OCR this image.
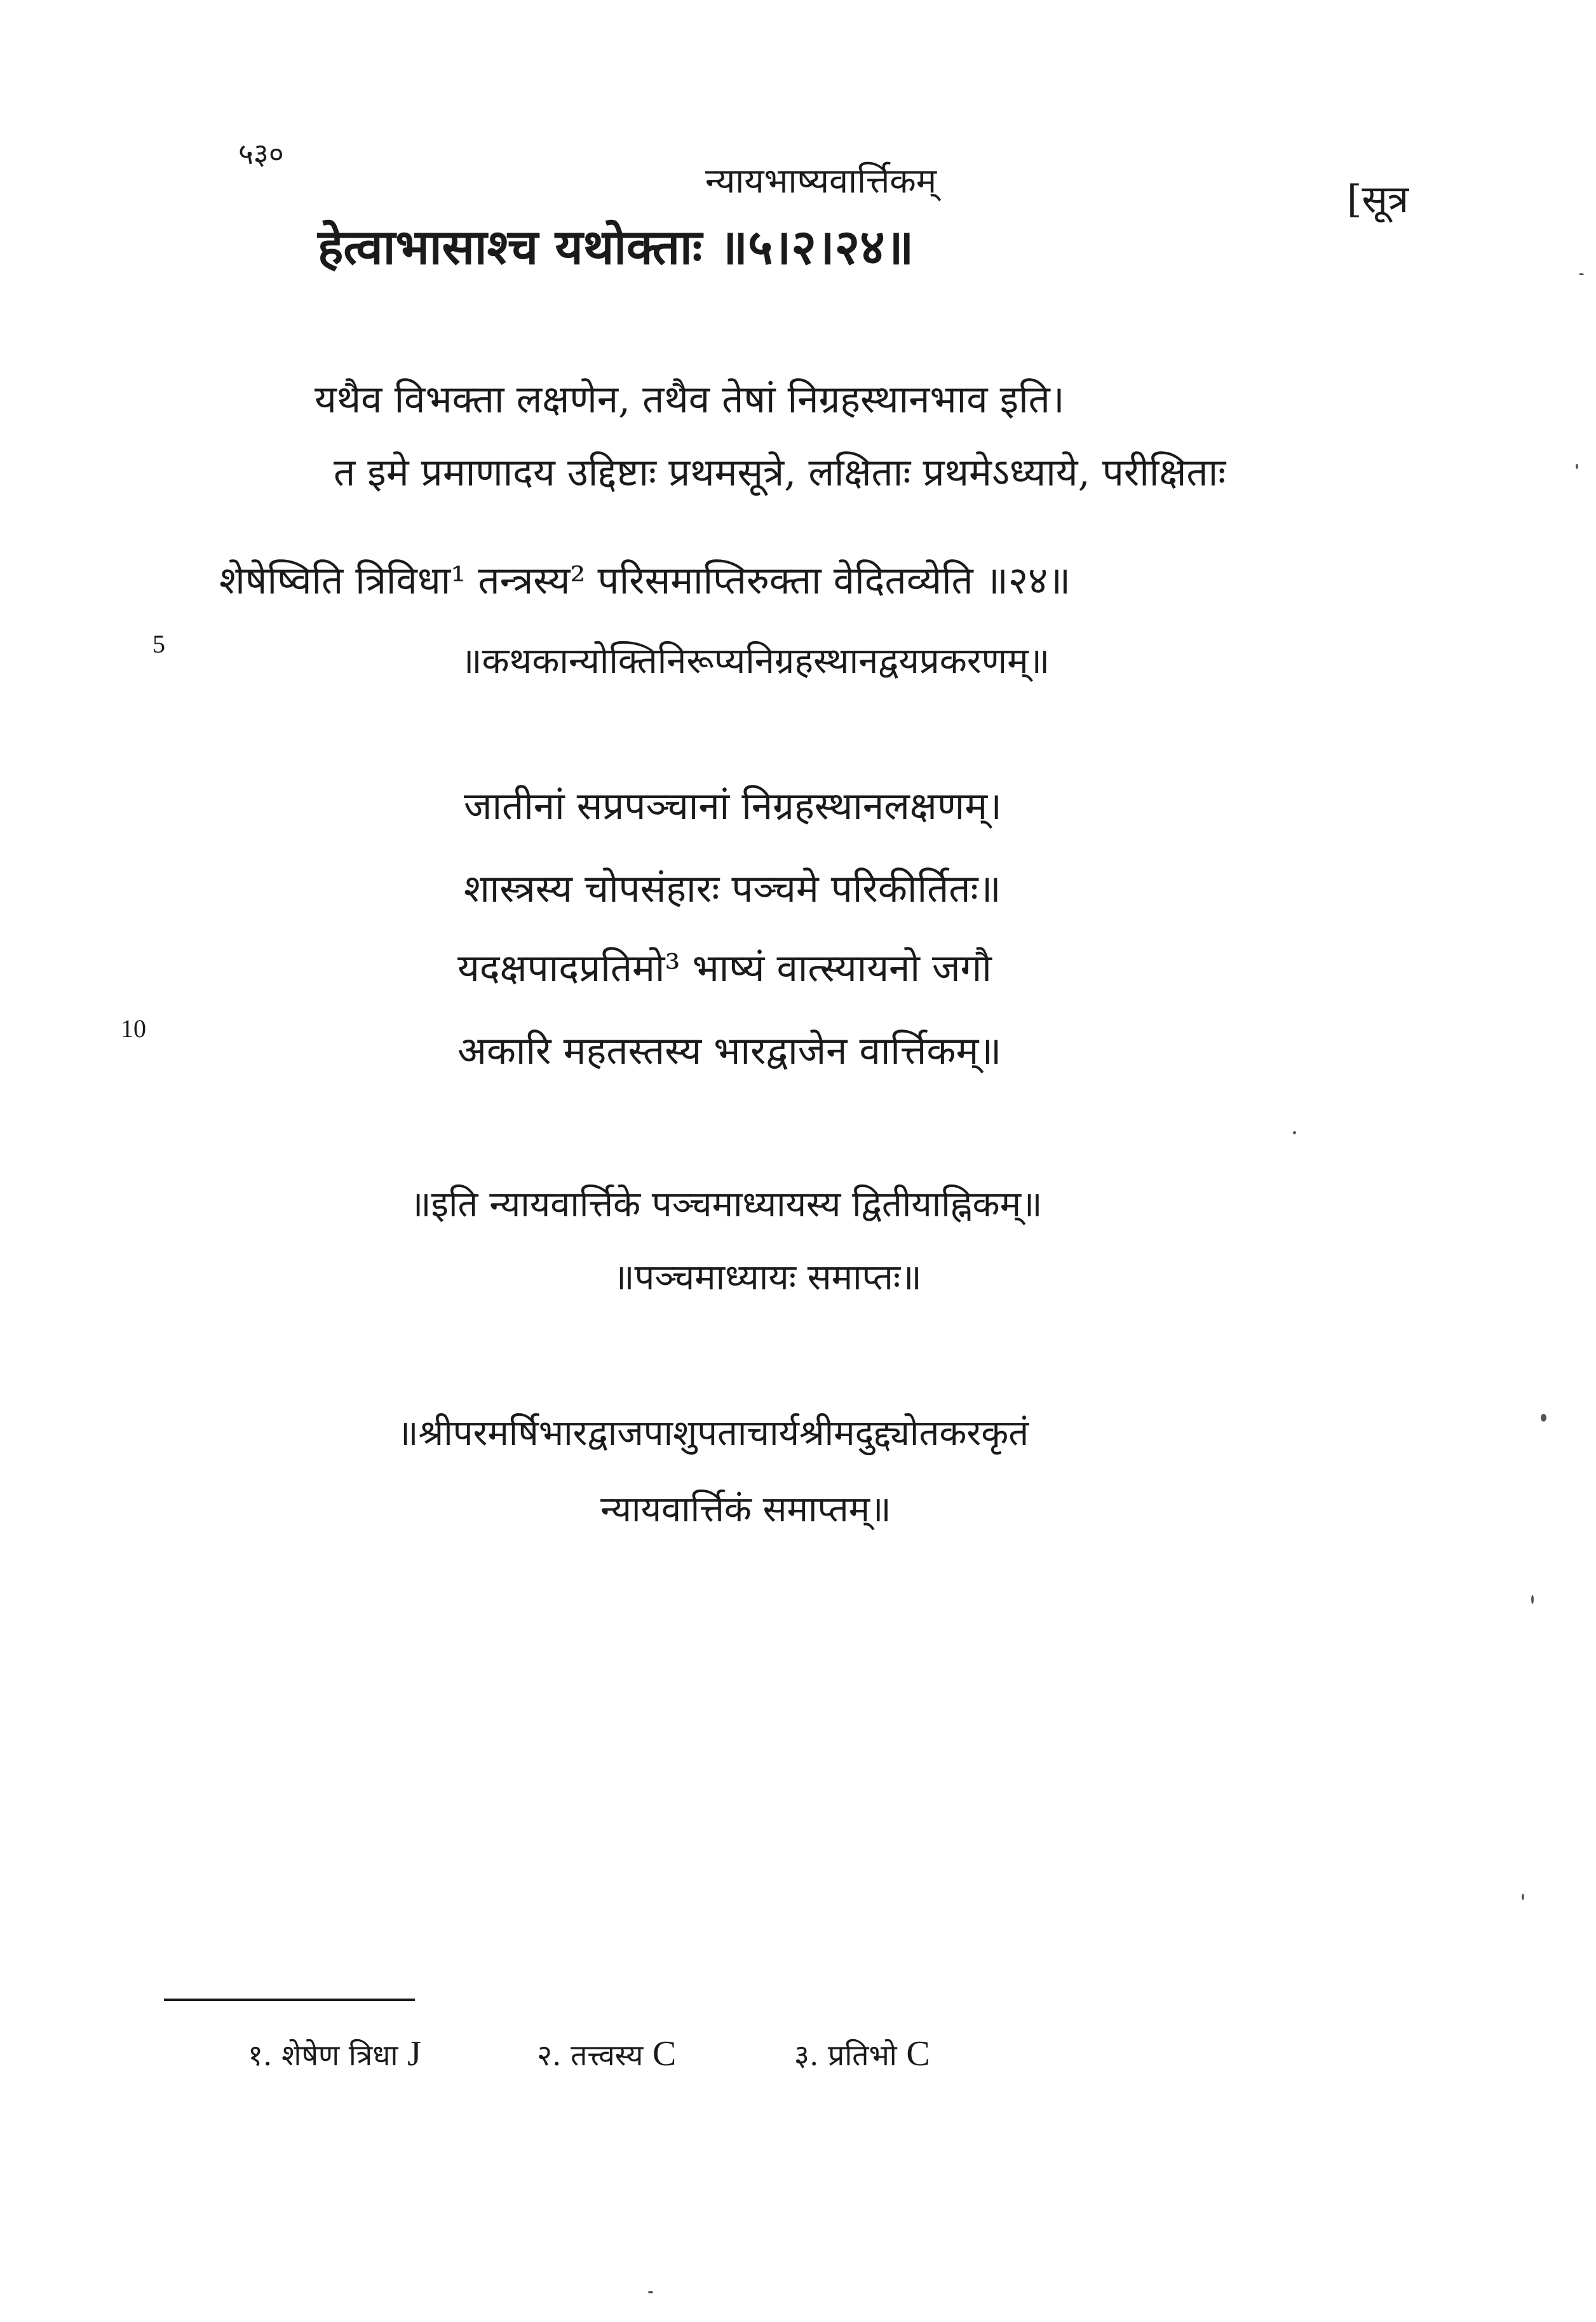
५३०
न्यायभाष्यवार्त्तिकम्	[सूत्र
हेत्वाभासाश्च यथोक्ताः ॥५।२।२४॥
यथैव विभक्ता लक्षणेन, तथैव तेषां निग्रहस्थानभाव इति।
त इमे प्रमाणादय उद्दिष्टाः प्रथमसूत्रे, लक्षिताः प्रथमेऽध्याये, परीक्षिताः
शेषेष्विति त्रिविधा¹ तन्त्रस्य² परिसमाप्तिरुक्ता वेदितव्येति ॥२४॥
5	॥कथकान्योक्तिनिरूप्यनिग्रहस्थानद्वयप्रकरणम्॥
जातीनां सप्रपञ्चानां निग्रहस्थानलक्षणम्।
शास्त्रस्य चोपसंहारः पञ्चमे परिकीर्तितः॥
यदक्षपादप्रतिमो³ भाष्यं वात्स्यायनो जगौ
10
अकारि महतस्तस्य भारद्वाजेन वार्त्तिकम्॥
॥इति न्यायवार्त्तिके पञ्चमाध्यायस्य द्वितीयाह्निकम्॥
॥पञ्चमाध्यायः समाप्तः॥
॥श्रीपरमर्षिभारद्वाजपाशुपताचार्यश्रीमदुद्द्योतकरकृतं
न्यायवार्त्तिकं समाप्तम्॥
१. शेषेण त्रिधा J	२. तत्त्वस्य C	३. प्रतिभो C
